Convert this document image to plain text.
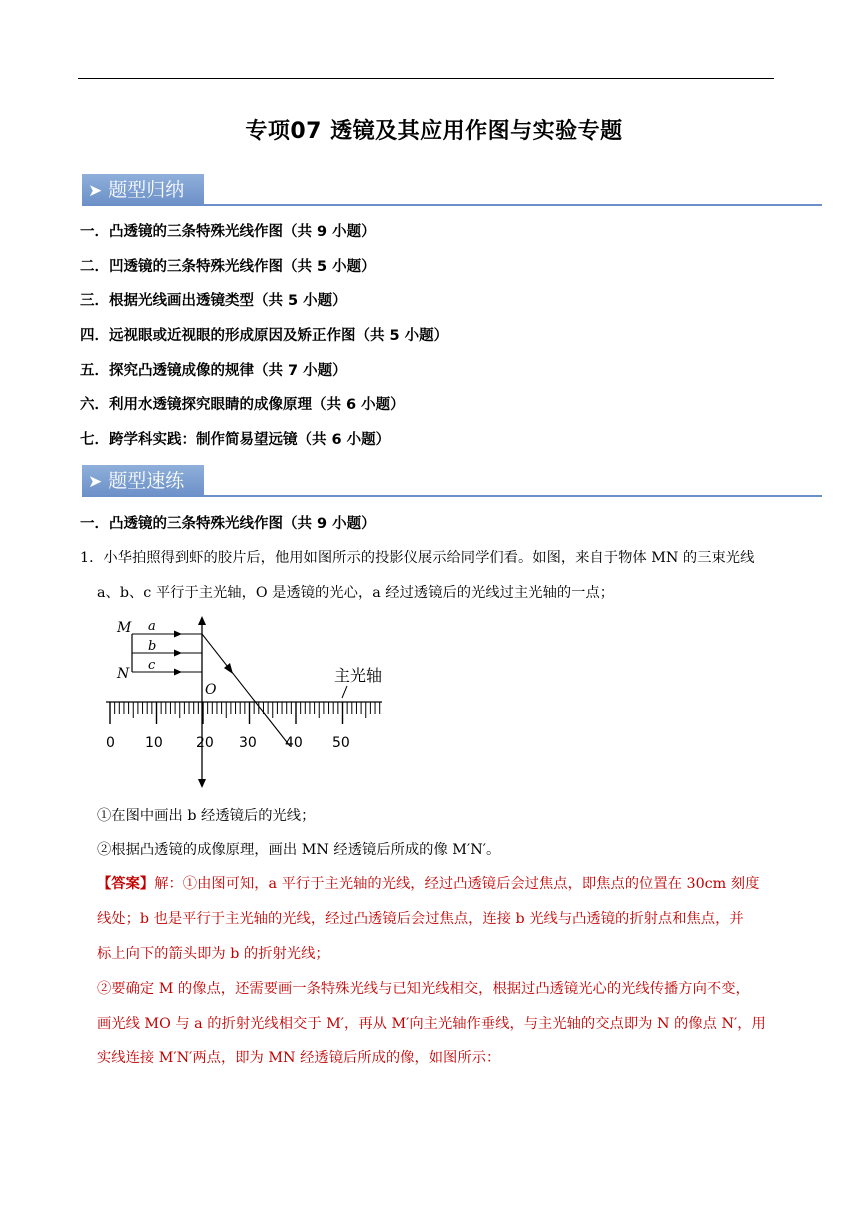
专项07 透镜及其应用作图与实验专题
➤ 题型归纳
一．凸透镜的三条特殊光线作图（共 9 小题）
二．凹透镜的三条特殊光线作图（共 5 小题）
三．根据光线画出透镜类型（共 5 小题）
四．远视眼或近视眼的形成原因及矫正作图（共 5 小题）
五．探究凸透镜成像的规律（共 7 小题）
六．利用水透镜探究眼睛的成像原理（共 6 小题）
七．跨学科实践：制作简易望远镜（共 6 小题）
➤ 题型速练
一．凸透镜的三条特殊光线作图（共 9 小题）
1．小华拍照得到虾的胶片后，他用如图所示的投影仪展示给同学们看。如图，来自于物体 MN 的三束光线
a、b、c 平行于主光轴，O 是透镜的光心，a 经过透镜后的光线过主光轴的一点；
M a
b
c
N
O
主光轴
0 10 20 30 40 50
①在图中画出 b 经透镜后的光线；
②根据凸透镜的成像原理，画出 MN 经透镜后所成的像 M′N′。
【答案】解：①由图可知，a 平行于主光轴的光线，经过凸透镜后会过焦点，即焦点的位置在 30cm 刻度
线处；b 也是平行于主光轴的光线，经过凸透镜后会过焦点，连接 b 光线与凸透镜的折射点和焦点，并
标上向下的箭头即为 b 的折射光线；
②要确定 M 的像点，还需要画一条特殊光线与已知光线相交，根据过凸透镜光心的光线传播方向不变，
画光线 MO 与 a 的折射光线相交于 M′，再从 M′向主光轴作垂线，与主光轴的交点即为 N 的像点 N′，用
实线连接 M′N′两点，即为 MN 经透镜后所成的像，如图所示：
